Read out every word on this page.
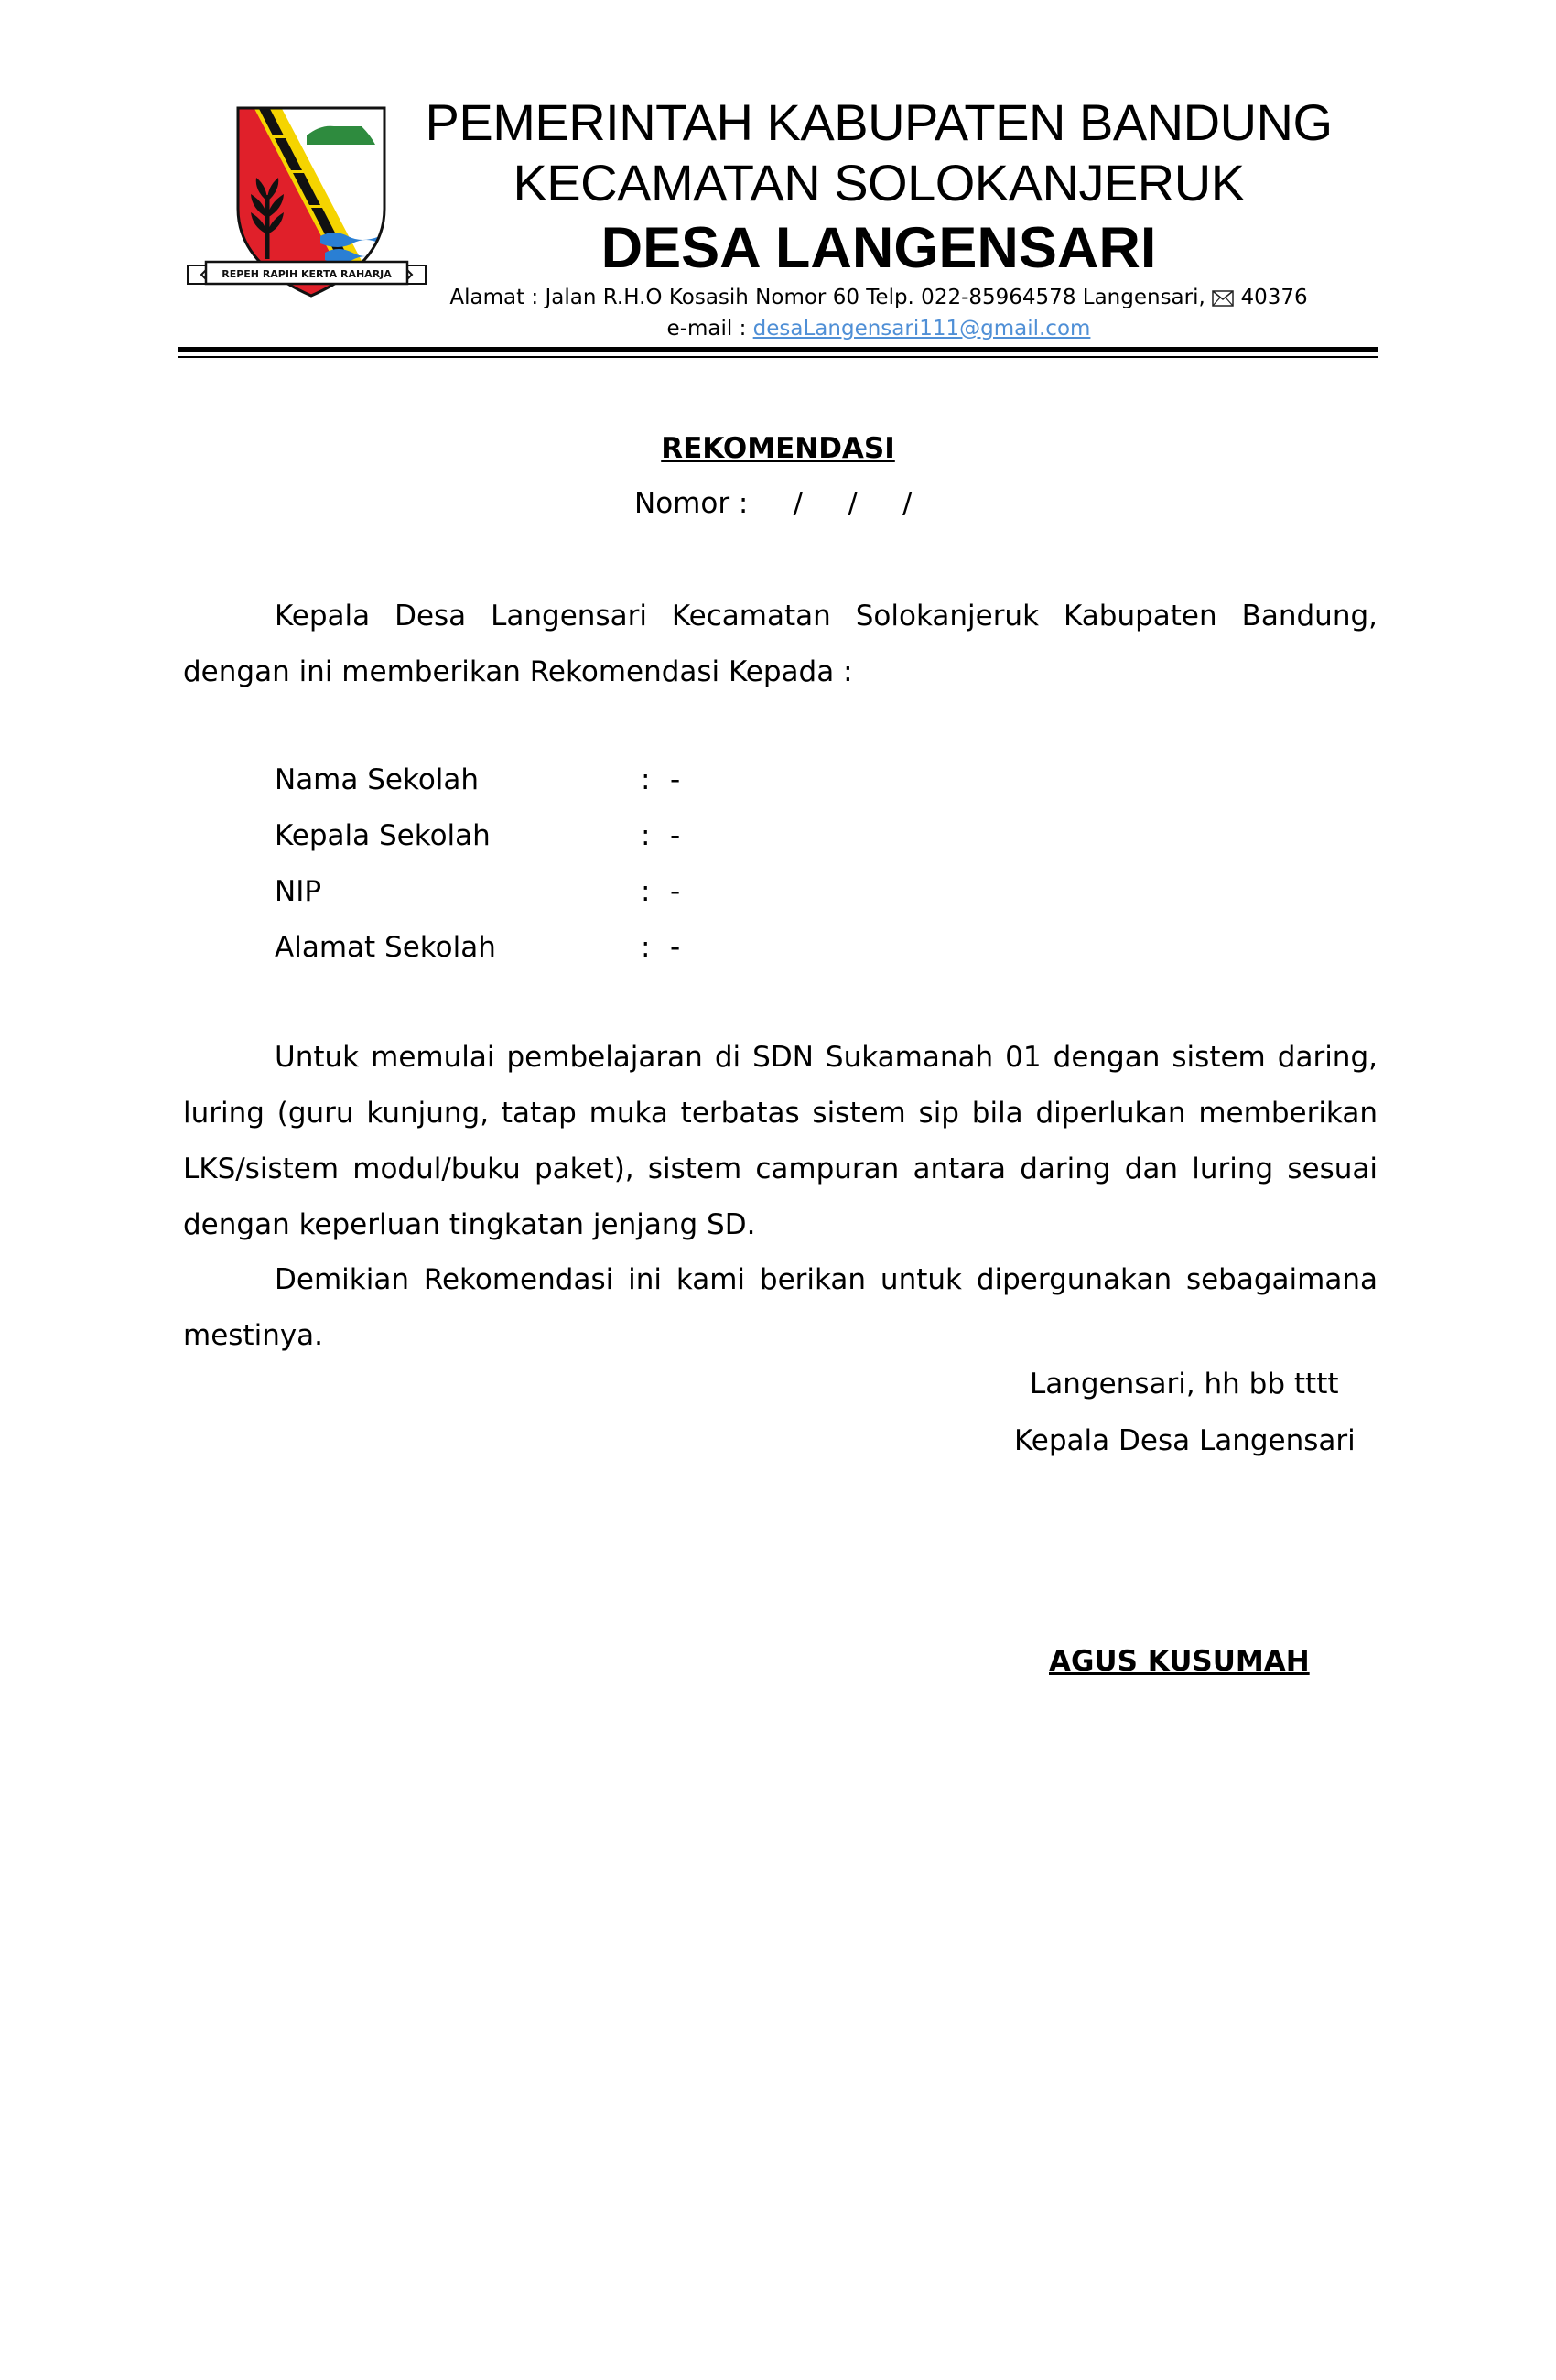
REPEH RAPIH KERTA RAHARJA
PEMERINTAH KABUPATEN BANDUNG
KECAMATAN SOLOKANJERUK
DESA LANGENSARI
Alamat : Jalan R.H.O Kosasih Nomor 60 Telp. 022-85964578 Langensari, 40376
e-mail : desaLangensari111@gmail.com
REKOMENDASI
Nomor :     /     /     /
Kepala Desa Langensari Kecamatan Solokanjeruk Kabupaten Bandung, dengan ini memberikan Rekomendasi Kepada :
Nama Sekolah	: -
Kepala Sekolah	: -
NIP	: -
Alamat Sekolah	: -
Untuk memulai pembelajaran di SDN Sukamanah 01 dengan sistem daring, luring (guru kunjung, tatap muka terbatas sistem sip bila diperlukan memberikan LKS/sistem modul/buku paket), sistem campuran antara daring dan luring sesuai dengan keperluan tingkatan jenjang SD.
Demikian Rekomendasi ini kami berikan untuk dipergunakan sebagaimana mestinya.
Langensari, hh bb tttt
Kepala Desa Langensari
AGUS KUSUMAH
